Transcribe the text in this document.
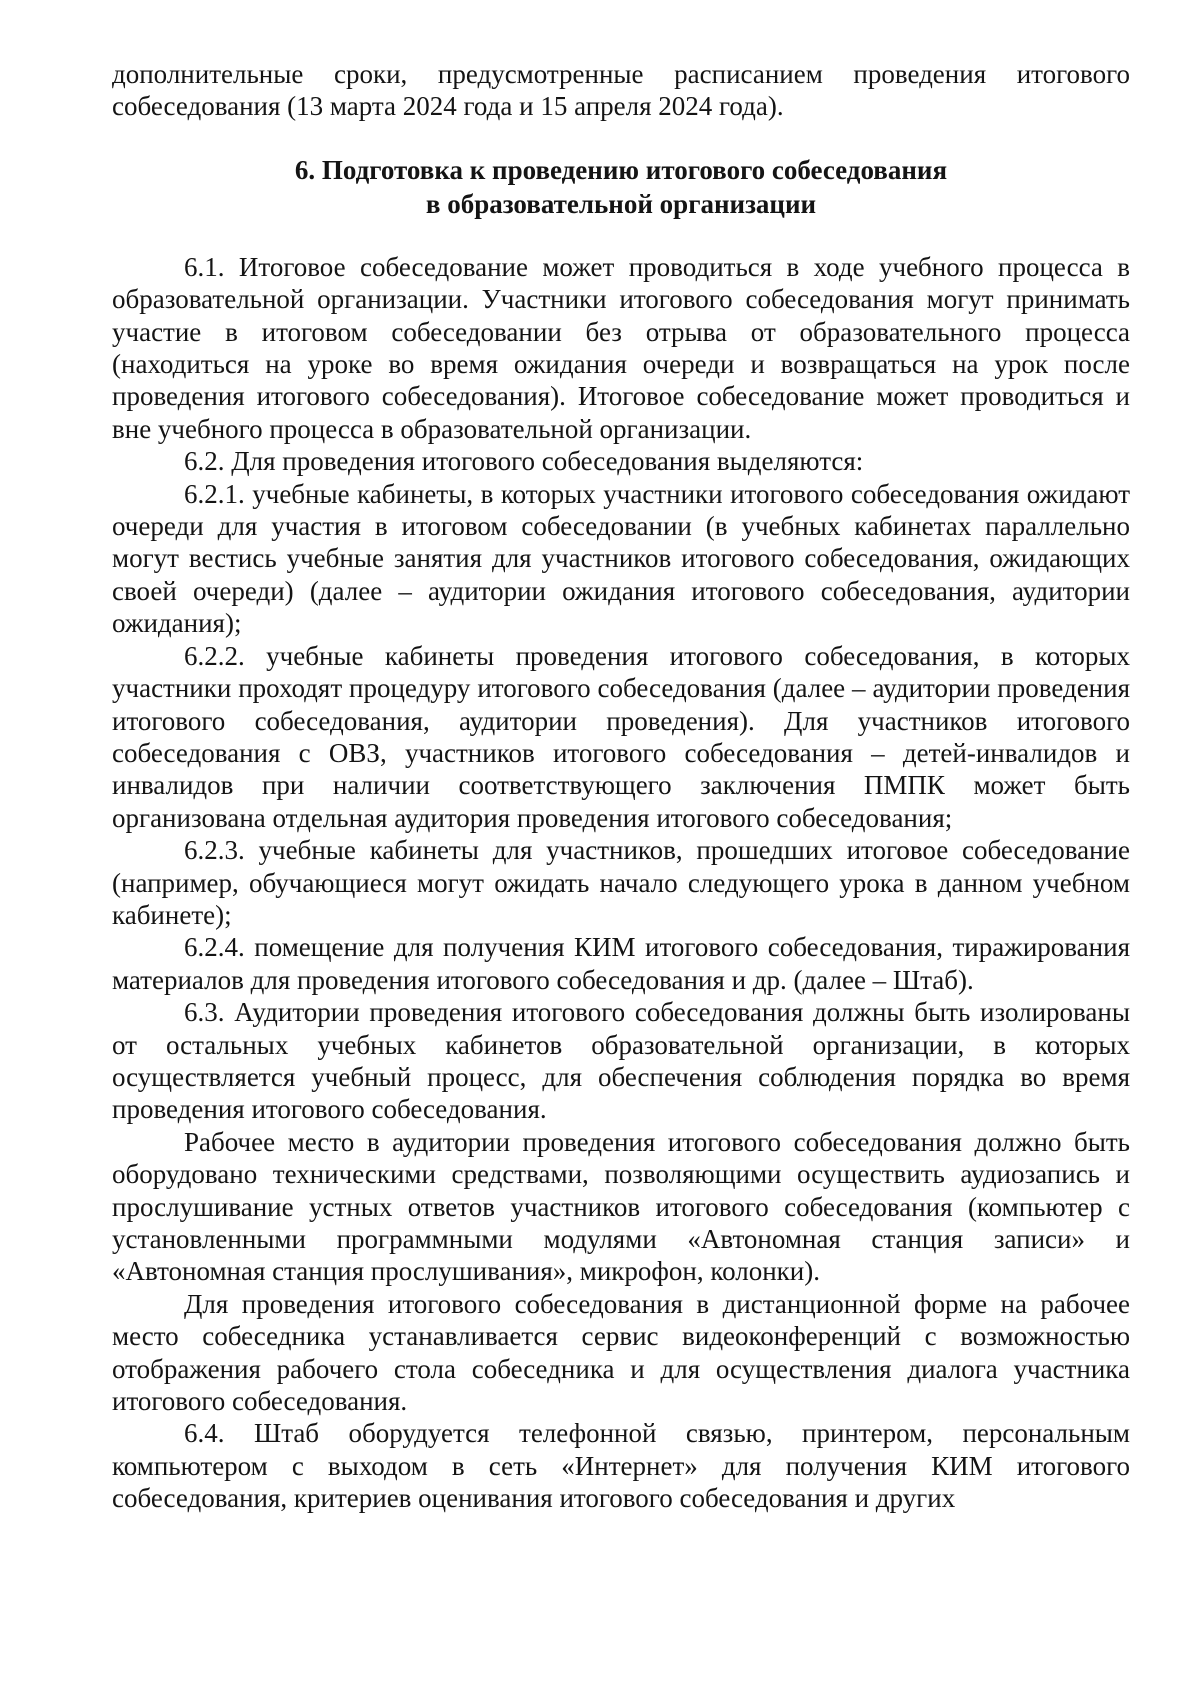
дополнительные сроки, предусмотренные расписанием проведения итогового собеседования (13 марта 2024 года и 15 апреля 2024 года).

6. Подготовка к проведению итогового собеседования
в образовательной организации

6.1. Итоговое собеседование может проводиться в ходе учебного процесса в образовательной организации. Участники итогового собеседования могут принимать участие в итоговом собеседовании без отрыва от образовательного процесса (находиться на уроке во время ожидания очереди и возвращаться на урок после проведения итогового собеседования). Итоговое собеседование может проводиться и вне учебного процесса в образовательной организации.

6.2. Для проведения итогового собеседования выделяются:

6.2.1. учебные кабинеты, в которых участники итогового собеседования ожидают очереди для участия в итоговом собеседовании (в учебных кабинетах параллельно могут вестись учебные занятия для участников итогового собеседования, ожидающих своей очереди) (далее – аудитории ожидания итогового собеседования, аудитории ожидания);

6.2.2. учебные кабинеты проведения итогового собеседования, в которых участники проходят процедуру итогового собеседования (далее – аудитории проведения итогового собеседования, аудитории проведения). Для участников итогового собеседования с ОВЗ, участников итогового собеседования – детей-инвалидов и инвалидов при наличии соответствующего заключения ПМПК может быть организована отдельная аудитория проведения итогового собеседования;

6.2.3. учебные кабинеты для участников, прошедших итоговое собеседование (например, обучающиеся могут ожидать начало следующего урока в данном учебном кабинете);

6.2.4. помещение для получения КИМ итогового собеседования, тиражирования материалов для проведения итогового собеседования и др. (далее – Штаб).

6.3. Аудитории проведения итогового собеседования должны быть изолированы от остальных учебных кабинетов образовательной организации, в которых осуществляется учебный процесс, для обеспечения соблюдения порядка во время проведения итогового собеседования.

Рабочее место в аудитории проведения итогового собеседования должно быть оборудовано техническими средствами, позволяющими осуществить аудиозапись и прослушивание устных ответов участников итогового собеседования (компьютер с установленными программными модулями «Автономная станция записи» и «Автономная станция прослушивания», микрофон, колонки).

Для проведения итогового собеседования в дистанционной форме на рабочее место собеседника устанавливается сервис видеоконференций с возможностью отображения рабочего стола собеседника и для осуществления диалога участника итогового собеседования.

6.4. Штаб оборудуется телефонной связью, принтером, персональным компьютером с выходом в сеть «Интернет» для получения КИМ итогового собеседования, критериев оценивания итогового собеседования и других
